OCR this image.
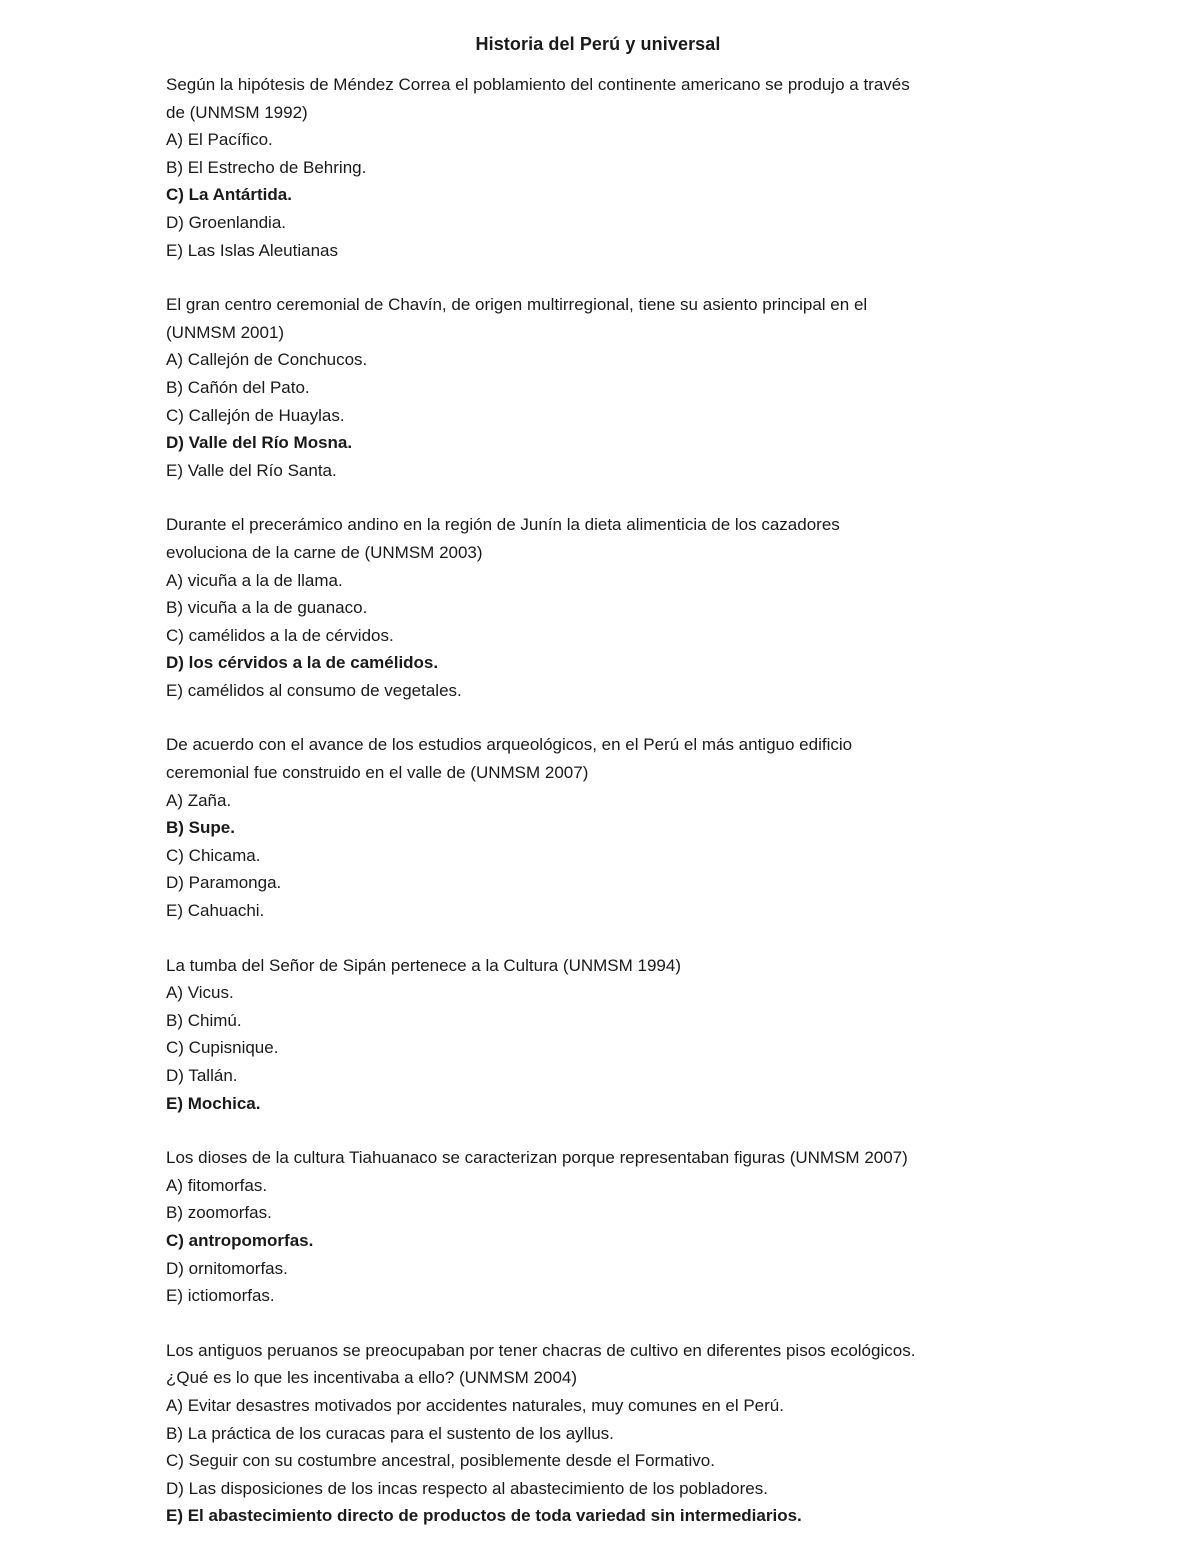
Historia del Perú y universal
Según la hipótesis de Méndez Correa el poblamiento del continente americano se produjo a través
de (UNMSM 1992)
A) El Pacífico.
B) El Estrecho de Behring.
C) La Antártida.
D) Groenlandia.
E) Las Islas Aleutianas
El gran centro ceremonial de Chavín, de origen multirregional, tiene su asiento principal en el
(UNMSM 2001)
A) Callejón de Conchucos.
B) Cañón del Pato.
C) Callejón de Huaylas.
D) Valle del Río Mosna.
E) Valle del Río Santa.
Durante el precerámico andino en la región de Junín la dieta alimenticia de los cazadores
evoluciona de la carne de (UNMSM 2003)
A) vicuña a la de llama.
B) vicuña a la de guanaco.
C) camélidos a la de cérvidos.
D) los cérvidos a la de camélidos.
E) camélidos al consumo de vegetales.
De acuerdo con el avance de los estudios arqueológicos, en el Perú el más antiguo edificio
ceremonial fue construido en el valle de (UNMSM 2007)
A) Zaña.
B) Supe.
C) Chicama.
D) Paramonga.
E) Cahuachi.
La tumba del Señor de Sipán pertenece a la Cultura (UNMSM 1994)
A) Vicus.
B) Chimú.
C) Cupisnique.
D) Tallán.
E) Mochica.
Los dioses de la cultura Tiahuanaco se caracterizan porque representaban figuras (UNMSM 2007)
A) fitomorfas.
B) zoomorfas.
C) antropomorfas.
D) ornitomorfas.
E) ictiomorfas.
Los antiguos peruanos se preocupaban por tener chacras de cultivo en diferentes pisos ecológicos.
¿Qué es lo que les incentivaba a ello? (UNMSM 2004)
A) Evitar desastres motivados por accidentes naturales, muy comunes en el Perú.
B) La práctica de los curacas para el sustento de los ayllus.
C) Seguir con su costumbre ancestral, posiblemente desde el Formativo.
D) Las disposiciones de los incas respecto al abastecimiento de los pobladores.
E) El abastecimiento directo de productos de toda variedad sin intermediarios.
